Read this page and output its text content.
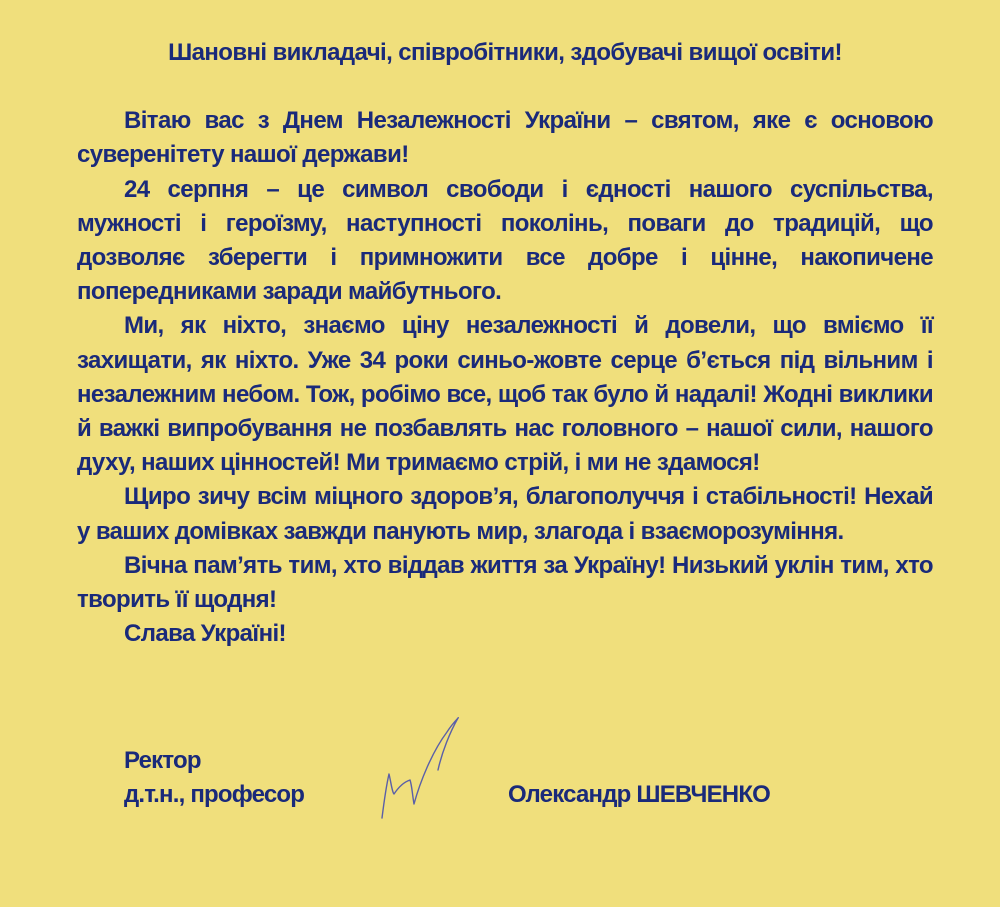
Шановні викладачі, співробітники, здобувачі вищої освіти!

Вітаю вас з Днем Незалежності України – святом, яке є основою суверенітету нашої держави!

24 серпня – це символ свободи і єдності нашого суспільства, мужності і героїзму, наступності поколінь, поваги до традицій, що дозволяє зберегти і примножити все добре і цінне, накопичене попередниками заради майбутнього.

Ми, як ніхто, знаємо ціну незалежності й довели, що вміємо її захищати, як ніхто. Уже 34 роки синьо-жовте серце б’ється під вільним і незалежним небом. Тож, робімо все, щоб так було й надалі! Жодні виклики й важкі випробування не позбавлять нас головного – нашої сили, нашого духу, наших цінностей! Ми тримаємо стрій, і ми не здамося!

Щиро зичу всім міцного здоров’я, благополуччя і стабільності! Нехай у ваших домівках завжди панують мир, злагода і взаєморозуміння.

Вічна пам’ять тим, хто віддав життя за Україну! Низький уклін тим, хто творить її щодня!

Слава Україні!

Ректор

д.т.н., професор	Олександр ШЕВЧЕНКО
